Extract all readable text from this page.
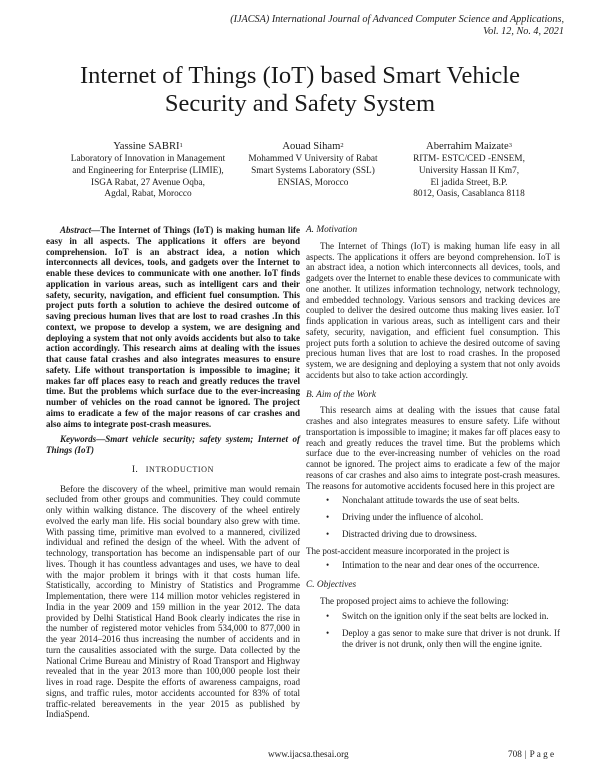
(IJACSA) International Journal of Advanced Computer Science and Applications,
Vol. 12, No. 4, 2021
Internet of Things (IoT) based Smart Vehicle
Security and Safety System
Yassine SABRI$^1$
Laboratory of Innovation in Management
and Engineering for Enterprise (LIMIE),
ISGA Rabat, 27 Avenue Oqba,
Agdal, Rabat, Morocco
Aouad Siham$^2$
Mohammed V University of Rabat
Smart Systems Laboratory (SSL)
ENSIAS, Morocco
Aberrahim Maizate$^3$
RITM- ESTC/CED -ENSEM,
University Hassan II Km7,
El jadida Street, B.P.
8012, Oasis, Casablanca 8118

Abstract—The Internet of Things (IoT) is making human life easy in all aspects. The applications it offers are beyond comprehension. IoT is an abstract idea, a notion which interconnects all devices, tools, and gadgets over the Internet to enable these devices to communicate with one another. IoT finds application in various areas, such as intelligent cars and their safety, security, navigation, and efficient fuel consumption. This project puts forth a solution to achieve the desired outcome of saving precious human lives that are lost to road crashes .In this context, we propose to develop a system, we are designing and deploying a system that not only avoids accidents but also to take action accordingly. This research aims at dealing with the issues that cause fatal crashes and also integrates measures to ensure safety. Life without transportation is impossible to imagine; it makes far off places easy to reach and greatly reduces the travel time. But the problems which surface due to the ever-increasing number of vehicles on the road cannot be ignored. The project aims to eradicate a few of the major reasons of car crashes and also aims to integrate post-crash measures.

Keywords—Smart vehicle security; safety system; Internet of Things (IoT)

I. INTRODUCTION

Before the discovery of the wheel, primitive man would remain secluded from other groups and communities. They could commute only within walking distance. The discovery of the wheel entirely evolved the early man life. His social boundary also grew with time. With passing time, primitive man evolved to a mannered, civilized individual and refined the design of the wheel. With the advent of technology, transportation has become an indispensable part of our lives. Though it has countless advantages and uses, we have to deal with the major problem it brings with it that costs human life. Statistically, according to Ministry of Statistics and Programme Implementation, there were 114 million motor vehicles registered in India in the year 2009 and 159 million in the year 2012. The data provided by Delhi Statistical Hand Book clearly indicates the rise in the number of registered motor vehicles from 534,000 to 877,000 in the year 2014–2016 thus increasing the number of accidents and in turn the causalities associated with the surge. Data collected by the National Crime Bureau and Ministry of Road Transport and Highway revealed that in the year 2013 more than 100,000 people lost their lives in road rage. Despite the efforts of awareness campaigns, road signs, and traffic rules, motor accidents accounted for 83% of total traffic-related bereavements in the year 2015 as published by IndiaSpend.

A. Motivation

The Internet of Things (IoT) is making human life easy in all aspects. The applications it offers are beyond comprehension. IoT is an abstract idea, a notion which interconnects all devices, tools, and gadgets over the Internet to enable these devices to communicate with one another. It utilizes information technology, network technology, and embedded technology. Various sensors and tracking devices are coupled to deliver the desired outcome thus making lives easier. IoT finds application in various areas, such as intelligent cars and their safety, security, navigation, and efficient fuel consumption. This project puts forth a solution to achieve the desired outcome of saving precious human lives that are lost to road crashes. In the proposed system, we are designing and deploying a system that not only avoids accidents but also to take action accordingly.

B. Aim of the Work

This research aims at dealing with the issues that cause fatal crashes and also integrates measures to ensure safety. Life without transportation is impossible to imagine; it makes far off places easy to reach and greatly reduces the travel time. But the problems which surface due to the ever-increasing number of vehicles on the road cannot be ignored. The project aims to eradicate a few of the major reasons of car crashes and also aims to integrate post-crash measures. The reasons for automotive accidents focused here in this project are

• Nonchalant attitude towards the use of seat belts.
• Driving under the influence of alcohol.
• Distracted driving due to drowsiness.

The post-accident measure incorporated in the project is

• Intimation to the near and dear ones of the occurrence.
C. Objectives

The proposed project aims to achieve the following:

• Switch on the ignition only if the seat belts are locked in.
• Deploy a gas senor to make sure that driver is not drunk. If the driver is not drunk, only then will the engine ignite.
www.ijacsa.thesai.org	708 | P a g e
